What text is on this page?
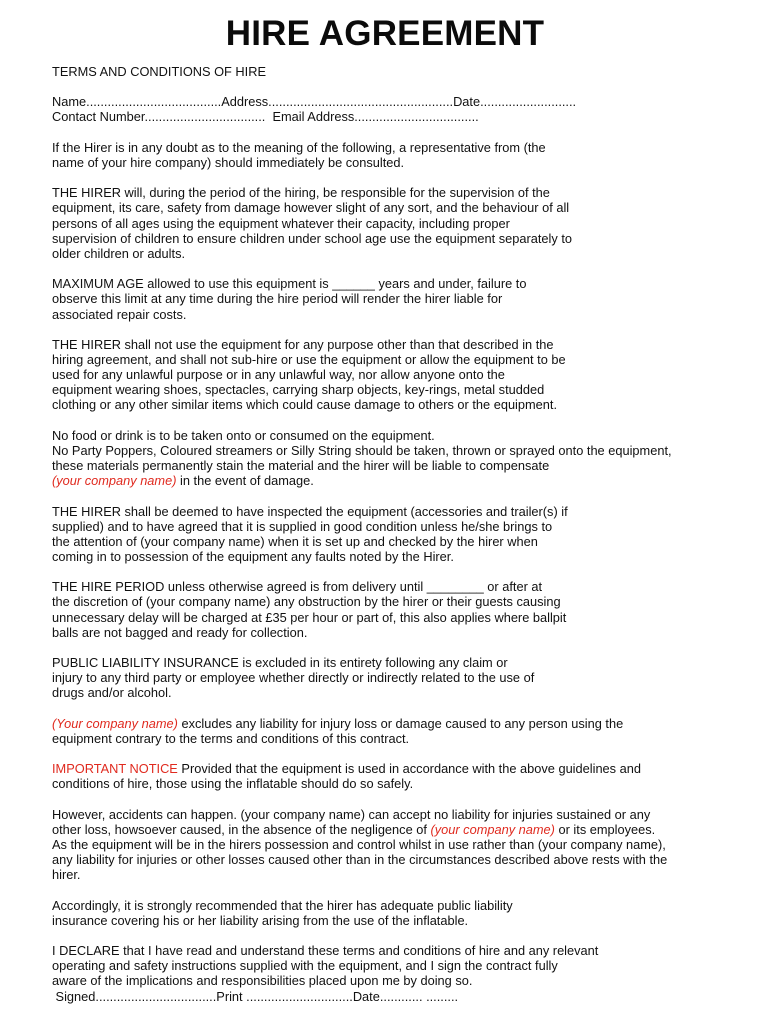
HIRE AGREEMENT
TERMS AND CONDITIONS OF HIRE
Name......................................Address....................................................Date...........................
Contact Number..................................  Email Address...................................
If the Hirer is in any doubt as to the meaning of the following, a representative from (the
name of your hire company) should immediately be consulted.
THE HIRER will, during the period of the hiring, be responsible for the supervision of the
equipment, its care, safety from damage however slight of any sort, and the behaviour of all
persons of all ages using the equipment whatever their capacity, including proper
supervision of children to ensure children under school age use the equipment separately to
older children or adults.
MAXIMUM AGE allowed to use this equipment is ______ years and under, failure to
observe this limit at any time during the hire period will render the hirer liable for
associated repair costs.
THE HIRER shall not use the equipment for any purpose other than that described in the
hiring agreement, and shall not sub-hire or use the equipment or allow the equipment to be
used for any unlawful purpose or in any unlawful way, nor allow anyone onto the
equipment wearing shoes, spectacles, carrying sharp objects, key-rings, metal studded
clothing or any other similar items which could cause damage to others or the equipment.
No food or drink is to be taken onto or consumed on the equipment.
No Party Poppers, Coloured streamers or Silly String should be taken, thrown or sprayed onto the equipment,
these materials permanently stain the material and the hirer will be liable to compensate
(your company name) in the event of damage.
THE HIRER shall be deemed to have inspected the equipment (accessories and trailer(s) if
supplied) and to have agreed that it is supplied in good condition unless he/she brings to
the attention of (your company name) when it is set up and checked by the hirer when
coming in to possession of the equipment any faults noted by the Hirer.
THE HIRE PERIOD unless otherwise agreed is from delivery until ________ or after at
the discretion of (your company name) any obstruction by the hirer or their guests causing
unnecessary delay will be charged at £35 per hour or part of, this also applies where ballpit
balls are not bagged and ready for collection.
PUBLIC LIABILITY INSURANCE is excluded in its entirety following any claim or
injury to any third party or employee whether directly or indirectly related to the use of
drugs and/or alcohol.
(Your company name) excludes any liability for injury loss or damage caused to any person using the
equipment contrary to the terms and conditions of this contract.
IMPORTANT NOTICE Provided that the equipment is used in accordance with the above guidelines and
conditions of hire, those using the inflatable should do so safely.
However, accidents can happen. (your company name) can accept no liability for injuries sustained or any
other loss, howsoever caused, in the absence of the negligence of (your company name) or its employees.
As the equipment will be in the hirers possession and control whilst in use rather than (your company name),
any liability for injuries or other losses caused other than in the circumstances described above rests with the
hirer.
Accordingly, it is strongly recommended that the hirer has adequate public liability
insurance covering his or her liability arising from the use of the inflatable.
I DECLARE that I have read and understand these terms and conditions of hire and any relevant
operating and safety instructions supplied with the equipment, and I sign the contract fully
aware of the implications and responsibilities placed upon me by doing so.
Signed..................................Print ..............................Date............ .........
